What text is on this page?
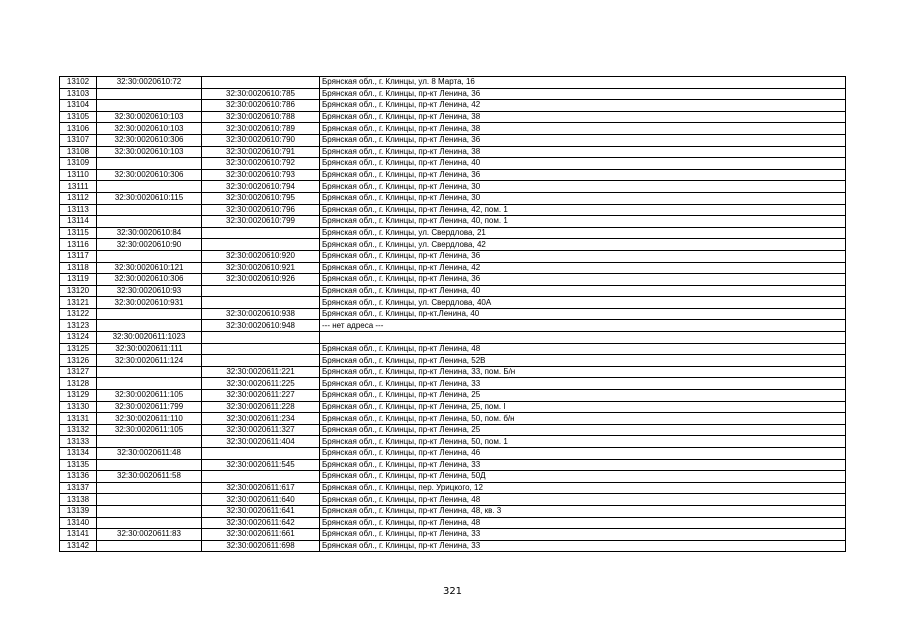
13102	32:30:0020610:72		Брянская обл., г. Клинцы, ул. 8 Марта, 16
13103		32:30:0020610:785	Брянская обл., г. Клинцы, пр-кт Ленина, 36
13104		32:30:0020610:786	Брянская обл., г. Клинцы, пр-кт Ленина, 42
13105	32:30:0020610:103	32:30:0020610:788	Брянская обл., г. Клинцы, пр-кт Ленина, 38
13106	32:30:0020610:103	32:30:0020610:789	Брянская обл., г. Клинцы, пр-кт Ленина, 38
13107	32:30:0020610:306	32:30:0020610:790	Брянская обл., г. Клинцы, пр-кт Ленина, 36
13108	32:30:0020610:103	32:30:0020610:791	Брянская обл., г. Клинцы, пр-кт Ленина, 38
13109		32:30:0020610:792	Брянская обл., г. Клинцы, пр-кт Ленина, 40
13110	32:30:0020610:306	32:30:0020610:793	Брянская обл., г. Клинцы, пр-кт Ленина, 36
13111		32:30:0020610:794	Брянская обл., г. Клинцы, пр-кт Ленина, 30
13112	32:30:0020610:115	32:30:0020610:795	Брянская обл., г. Клинцы, пр-кт Ленина, 30
13113		32:30:0020610:796	Брянская обл., г. Клинцы, пр-кт Ленина, 42, пом. 1
13114		32:30:0020610:799	Брянская обл., г. Клинцы, пр-кт Ленина, 40, пом. 1
13115	32:30:0020610:84		Брянская обл., г. Клинцы, ул. Свердлова, 21
13116	32:30:0020610:90		Брянская обл., г. Клинцы, ул. Свердлова, 42
13117		32:30:0020610:920	Брянская обл., г. Клинцы, пр-кт Ленина, 36
13118	32:30:0020610:121	32:30:0020610:921	Брянская обл., г. Клинцы, пр-кт Ленина, 42
13119	32:30:0020610:306	32:30:0020610:926	Брянская обл., г. Клинцы, пр-кт Ленина, 36
13120	32:30:0020610:93		Брянская обл., г. Клинцы, пр-кт Ленина, 40
13121	32:30:0020610:931		Брянская обл., г. Клинцы, ул. Свердлова, 40А
13122		32:30:0020610:938	Брянская обл., г. Клинцы, пр-кт.Ленина, 40
13123		32:30:0020610:948	--- нет адреса ---
13124	32:30:0020611:1023		
13125	32:30:0020611:111		Брянская обл., г. Клинцы, пр-кт Ленина, 48
13126	32:30:0020611:124		Брянская обл., г. Клинцы, пр-кт Ленина, 52В
13127		32:30:0020611:221	Брянская обл., г. Клинцы, пр-кт Ленина, 33, пом. Б/н
13128		32:30:0020611:225	Брянская обл., г. Клинцы, пр-кт Ленина, 33
13129	32:30:0020611:105	32:30:0020611:227	Брянская обл., г. Клинцы, пр-кт Ленина, 25
13130	32:30:0020611:799	32:30:0020611:228	Брянская обл., г. Клинцы, пр-кт Ленина, 25, пом. I
13131	32:30:0020611:110	32:30:0020611:234	Брянская обл., г. Клинцы, пр-кт Ленина, 50, пом. б/н
13132	32:30:0020611:105	32:30:0020611:327	Брянская обл., г. Клинцы, пр-кт Ленина, 25
13133		32:30:0020611:404	Брянская обл., г. Клинцы, пр-кт Ленина, 50, пом. 1
13134	32:30:0020611:48		Брянская обл., г. Клинцы, пр-кт Ленина, 46
13135		32:30:0020611:545	Брянская обл., г. Клинцы, пр-кт Ленина, 33
13136	32:30:0020611:58		Брянская обл., г. Клинцы, пр-кт Ленина, 50Д
13137		32:30:0020611:617	Брянская обл., г. Клинцы, пер. Урицкого, 12
13138		32:30:0020611:640	Брянская обл., г. Клинцы, пр-кт Ленина, 48
13139		32:30:0020611:641	Брянская обл., г. Клинцы, пр-кт Ленина, 48, кв. 3
13140		32:30:0020611:642	Брянская обл., г. Клинцы, пр-кт Ленина, 48
13141	32:30:0020611:83	32:30:0020611:661	Брянская обл., г. Клинцы, пр-кт Ленина, 33
13142		32:30:0020611:698	Брянская обл., г. Клинцы, пр-кт Ленина, 33
321
